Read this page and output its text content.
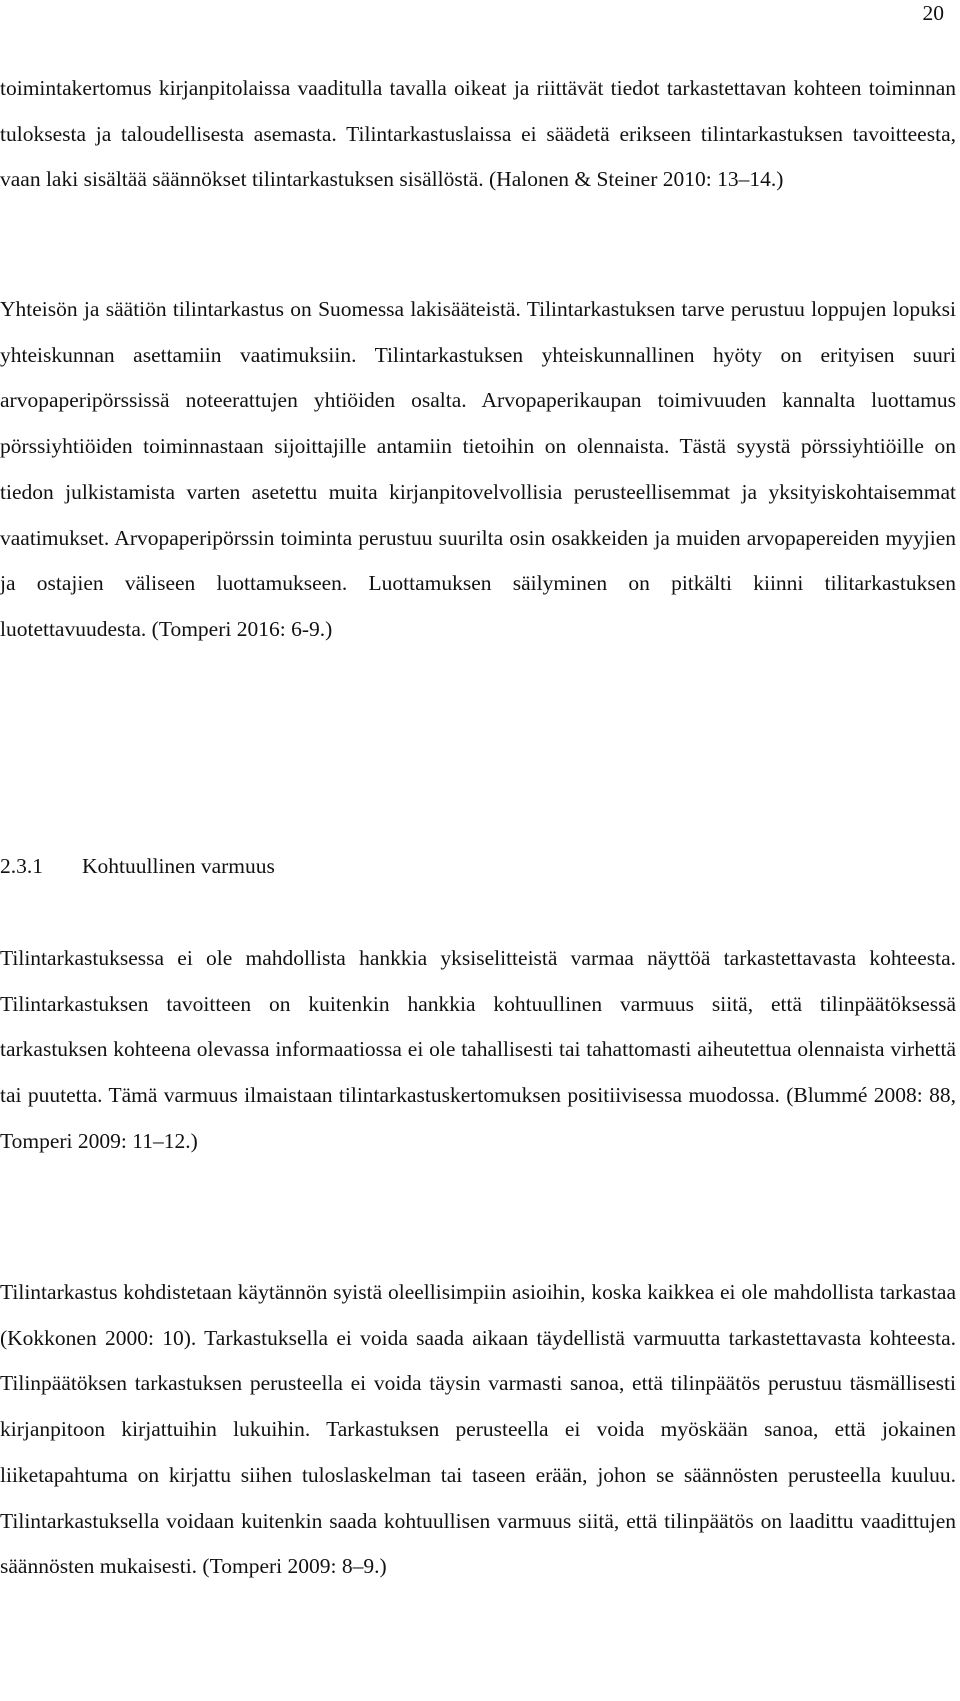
20

toimintakertomus kirjanpitolaissa vaaditulla tavalla oikeat ja riittävät tiedot tarkastettavan kohteen toiminnan tuloksesta ja taloudellisesta asemasta. Tilintarkastuslaissa ei säädetä erikseen tilintarkastuksen tavoitteesta, vaan laki sisältää säännökset tilintarkastuksen sisällöstä. (Halonen & Steiner 2010: 13–14.)

Yhteisön ja säätiön tilintarkastus on Suomessa lakisääteistä. Tilintarkastuksen tarve perustuu loppujen lopuksi yhteiskunnan asettamiin vaatimuksiin. Tilintarkastuksen yhteiskunnallinen hyöty on erityisen suuri arvopaperipörssissä noteerattujen yhtiöiden osalta. Arvopaperikaupan toimivuuden kannalta luottamus pörssiyhtiöiden toiminnastaan sijoittajille antamiin tietoihin on olennaista. Tästä syystä pörssiyhtiöille on tiedon julkistamista varten asetettu muita kirjanpitovelvollisia perusteellisemmat ja yksityiskohtaisemmat vaatimukset. Arvopaperipörssin toiminta perustuu suurilta osin osakkeiden ja muiden arvopapereiden myyjien ja ostajien väliseen luottamukseen. Luottamuksen säilyminen on pitkälti kiinni tilitarkastuksen luotettavuudesta. (Tomperi 2016: 6-9.)

2.3.1 Kohtuullinen varmuus

Tilintarkastuksessa ei ole mahdollista hankkia yksiselitteistä varmaa näyttöä tarkastettavasta kohteesta. Tilintarkastuksen tavoitteen on kuitenkin hankkia kohtuullinen varmuus siitä, että tilinpäätöksessä tarkastuksen kohteena olevassa informaatiossa ei ole tahallisesti tai tahattomasti aiheutettua olennaista virhettä tai puutetta. Tämä varmuus ilmaistaan tilintarkastuskertomuksen positiivisessa muodossa. (Blummé 2008: 88, Tomperi 2009: 11–12.)

Tilintarkastus kohdistetaan käytännön syistä oleellisimpiin asioihin, koska kaikkea ei ole mahdollista tarkastaa (Kokkonen 2000: 10). Tarkastuksella ei voida saada aikaan täydellistä varmuutta tarkastettavasta kohteesta. Tilinpäätöksen tarkastuksen perusteella ei voida täysin varmasti sanoa, että tilinpäätös perustuu täsmällisesti kirjanpitoon kirjattuihin lukuihin. Tarkastuksen perusteella ei voida myöskään sanoa, että jokainen liiketapahtuma on kirjattu siihen tuloslaskelman tai taseen erään, johon se säännösten perusteella kuuluu. Tilintarkastuksella voidaan kuitenkin saada kohtuullisen varmuus siitä, että tilinpäätös on laadittu vaadittujen säännösten mukaisesti. (Tomperi 2009: 8–9.)
